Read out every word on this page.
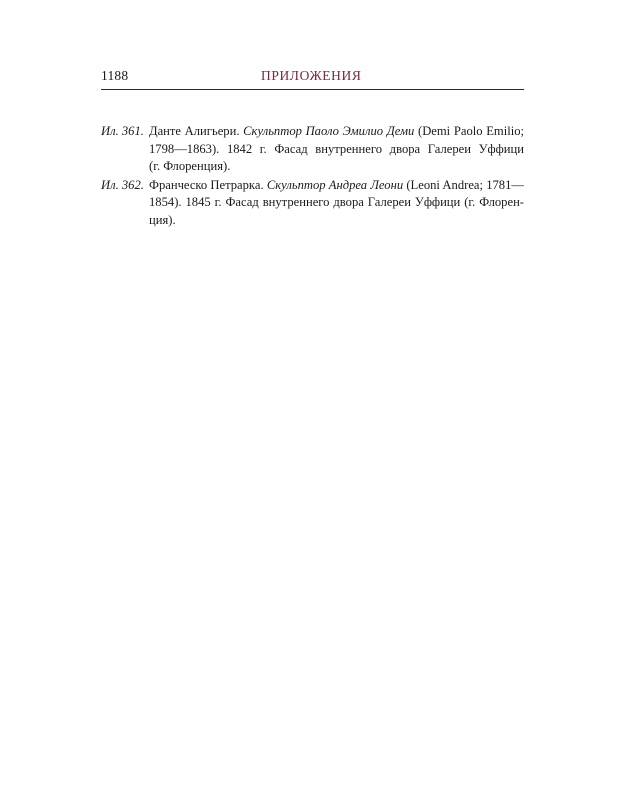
1188	ПРИЛОЖЕНИЯ
Ил. 361. Данте Алигьери. Скульптор Паоло Эмилио Деми (Demi Paolo Emilio;
1798—1863). 1842 г. Фасад внутреннего двора Галереи Уффици
(г. Флоренция).
Ил. 362. Франческо Петрарка. Скульптор Андреа Леони (Leoni Andrea; 1781—
1854). 1845 г. Фасад внутреннего двора Галереи Уффици (г. Флорен-
ция).
